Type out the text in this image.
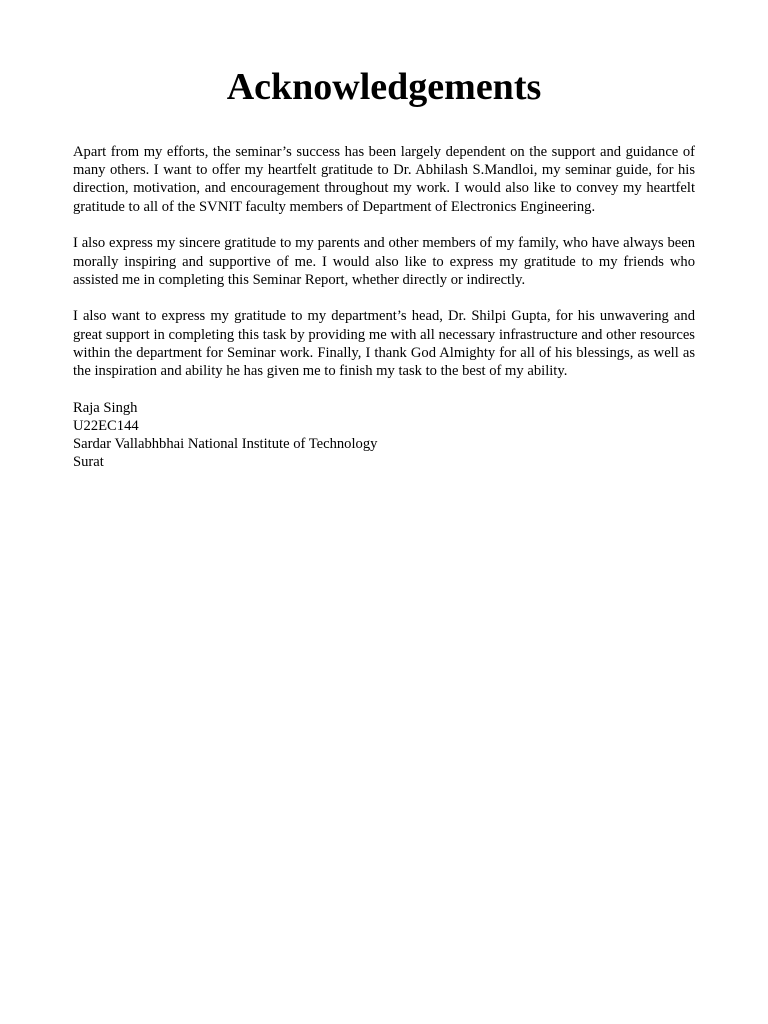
Acknowledgements

Apart from my efforts, the seminar’s success has been largely dependent on the support and guidance of many others. I want to offer my heartfelt gratitude to Dr. Abhilash S.Mandloi, my seminar guide, for his direction, motivation, and encouragement throughout my work. I would also like to convey my heartfelt gratitude to all of the SVNIT faculty members of Department of Electronics Engineering.

I also express my sincere gratitude to my parents and other members of my family, who have always been morally inspiring and supportive of me. I would also like to express my gratitude to my friends who assisted me in completing this Seminar Report, whether directly or indirectly.

I also want to express my gratitude to my department’s head, Dr. Shilpi Gupta, for his unwavering and great support in completing this task by providing me with all necessary infrastructure and other resources within the department for Seminar work. Finally, I thank God Almighty for all of his blessings, as well as the inspiration and ability he has given me to finish my task to the best of my ability.

Raja Singh
U22EC144
Sardar Vallabhbhai National Institute of Technology
Surat
